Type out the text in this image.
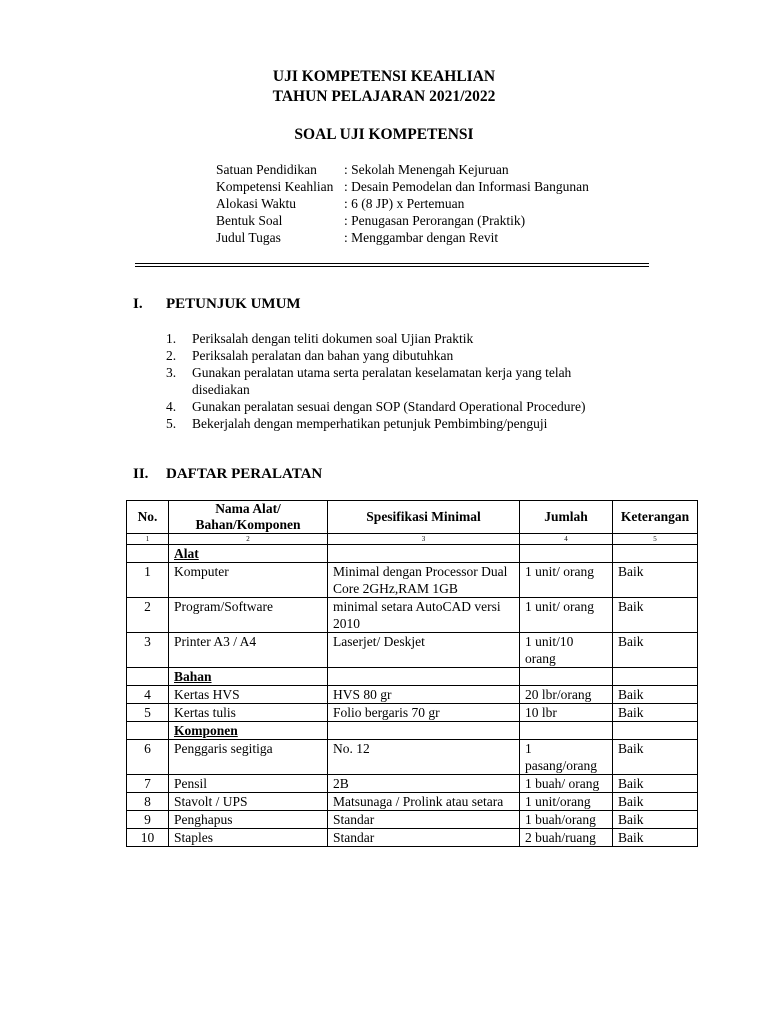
UJI KOMPETENSI KEAHLIAN
TAHUN PELAJARAN 2021/2022
SOAL UJI KOMPETENSI
Satuan Pendidikan	: Sekolah Menengah Kejuruan
Kompetensi Keahlian : Desain Pemodelan dan Informasi Bangunan
Alokasi Waktu	: 6 (8 JP) x Pertemuan
Bentuk Soal	: Penugasan Perorangan (Praktik)
Judul Tugas	: Menggambar dengan Revit
I. PETUNJUK UMUM
1.	Periksalah dengan teliti dokumen soal Ujian Praktik
2.	Periksalah peralatan dan bahan yang dibutuhkan
3.	Gunakan peralatan utama serta peralatan keselamatan kerja yang telah disediakan
4.	Gunakan peralatan sesuai dengan SOP (Standard Operational Procedure)
5.	Bekerjalah dengan memperhatikan petunjuk Pembimbing/penguji
II. DAFTAR PERALATAN
No.	Nama Alat/ Bahan/Komponen	Spesifikasi Minimal	Jumlah	Keterangan
1	2	3	4	5
	Alat			
1	Komputer	Minimal dengan Processor Dual Core 2GHz,RAM 1GB	1 unit/ orang	Baik
2	Program/Software	minimal setara AutoCAD versi 2010	1 unit/ orang	Baik
3	Printer A3 / A4	Laserjet/ Deskjet	1 unit/10 orang	Baik
	Bahan			
4	Kertas HVS	HVS 80 gr	20 lbr/orang	Baik
5	Kertas tulis	Folio bergaris 70 gr	10 lbr	Baik
	Komponen			
6	Penggaris segitiga	No. 12	1 pasang/orang	Baik
7	Pensil	2B	1 buah/ orang	Baik
8	Stavolt / UPS	Matsunaga / Prolink atau setara	1 unit/orang	Baik
9	Penghapus	Standar	1 buah/orang	Baik
10	Staples	Standar	2 buah/ruang	Baik
